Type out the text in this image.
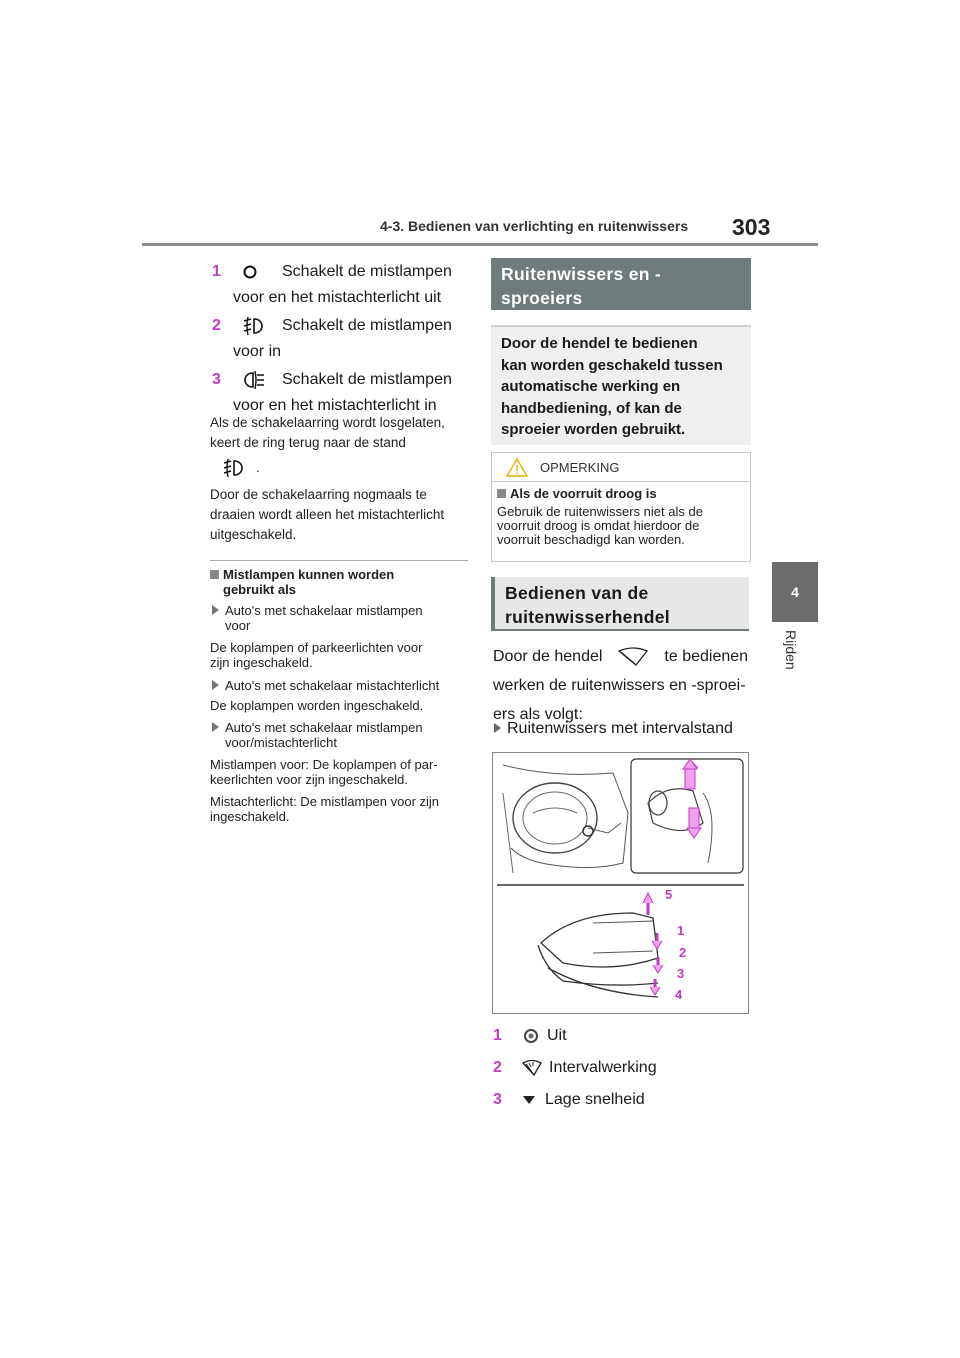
4-3. Bedienen van verlichting en ruitenwissers 303
4
Rijden
1	Schakelt de mistlampen
voor en het mistachterlicht uit
2	Schakelt de mistlampen
voor in
3	Schakelt de mistlampen
voor en het mistachterlicht in
Als de schakelaarring wordt losgelaten,
keert de ring terug naar de stand
.
Door de schakelaarring nogmaals te
draaien wordt alleen het mistachterlicht
uitgeschakeld.
Mistlampen kunnen worden
gebruikt als
Auto's met schakelaar mistlampen
voor
De koplampen of parkeerlichten voor
zijn ingeschakeld.
Auto's met schakelaar mistachterlicht
De koplampen worden ingeschakeld.
Auto's met schakelaar mistlampen
voor/mistachterlicht
Mistlampen voor: De koplampen of par-
keerlichten voor zijn ingeschakeld.
Mistachterlicht: De mistlampen voor zijn
ingeschakeld.
Ruitenwissers en -
sproeiers
Door de hendel te bedienen
kan worden geschakeld tussen
automatische werking en
handbediening, of kan de
sproeier worden gebruikt.
OPMERKING
Als de voorruit droog is
Gebruik de ruitenwissers niet als de
voorruit droog is omdat hierdoor de
voorruit beschadigd kan worden.
Bedienen van de
ruitenwisserhendel
Door de hendel	te bedienen
werken de ruitenwissers en -sproei-
ers als volgt:
Ruitenwissers met intervalstand
5
1
2
3
4
1	Uit
2	Intervalwerking
3	Lage snelheid
